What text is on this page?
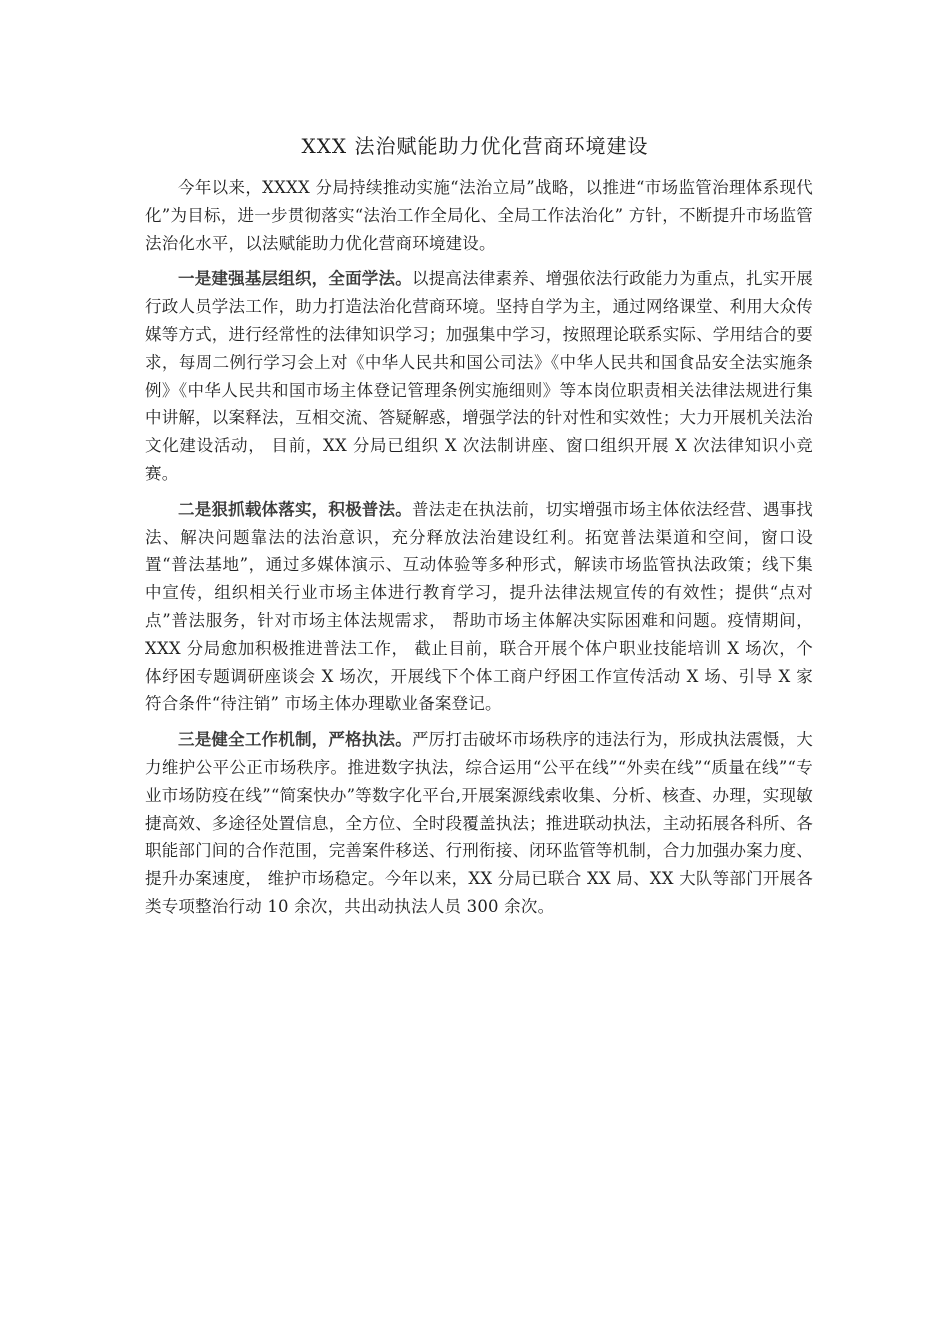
XXX 法治赋能助力优化营商环境建设

今年以来，XXXX 分局持续推动实施“法治立局”战略，以推进“市场监管治理体系现代化”为目标，进一步贯彻落实“法治工作全局化、全局工作法治化” 方针，不断提升市场监管法治化水平，以法赋能助力优化营商环境建设。

一是建强基层组织，全面学法。以提高法律素养、增强依法行政能力为重点，扎实开展行政人员学法工作，助力打造法治化营商环境。坚持自学为主，通过网络课堂、利用大众传媒等方式，进行经常性的法律知识学习；加强集中学习，按照理论联系实际、学用结合的要求，每周二例行学习会上对《中华人民共和国公司法》《中华人民共和国食品安全法实施条例》《中华人民共和国市场主体登记管理条例实施细则》等本岗位职责相关法律法规进行集中讲解，以案释法，互相交流、答疑解惑，增强学法的针对性和实效性；大力开展机关法治文化建设活动， 目前，XX 分局已组织 X 次法制讲座、窗口组织开展 X 次法律知识小竞赛。

二是狠抓载体落实，积极普法。普法走在执法前，切实增强市场主体依法经营、遇事找法、解决问题靠法的法治意识，充分释放法治建设红利。拓宽普法渠道和空间，窗口设置“普法基地”，通过多媒体演示、互动体验等多种形式，解读市场监管执法政策；线下集中宣传，组织相关行业市场主体进行教育学习，提升法律法规宣传的有效性；提供“点对点”普法服务，针对市场主体法规需求， 帮助市场主体解决实际困难和问题。疫情期间，XXX 分局愈加积极推进普法工作， 截止目前，联合开展个体户职业技能培训 X 场次，个体纾困专题调研座谈会 X 场次，开展线下个体工商户纾困工作宣传活动 X 场、引导 X 家符合条件“待注销” 市场主体办理歇业备案登记。

三是健全工作机制，严格执法。严厉打击破坏市场秩序的违法行为，形成执法震慑，大力维护公平公正市场秩序。推进数字执法，综合运用“公平在线”“外卖在线”“质量在线”“专业市场防疫在线”“简案快办”等数字化平台,开展案源线索收集、分析、核查、办理，实现敏捷高效、多途径处置信息，全方位、全时段覆盖执法；推进联动执法，主动拓展各科所、各职能部门间的合作范围，完善案件移送、行刑衔接、闭环监管等机制，合力加强办案力度、提升办案速度， 维护市场稳定。今年以来，XX 分局已联合 XX 局、XX 大队等部门开展各类专项整治行动 10 余次，共出动执法人员 300 余次。
